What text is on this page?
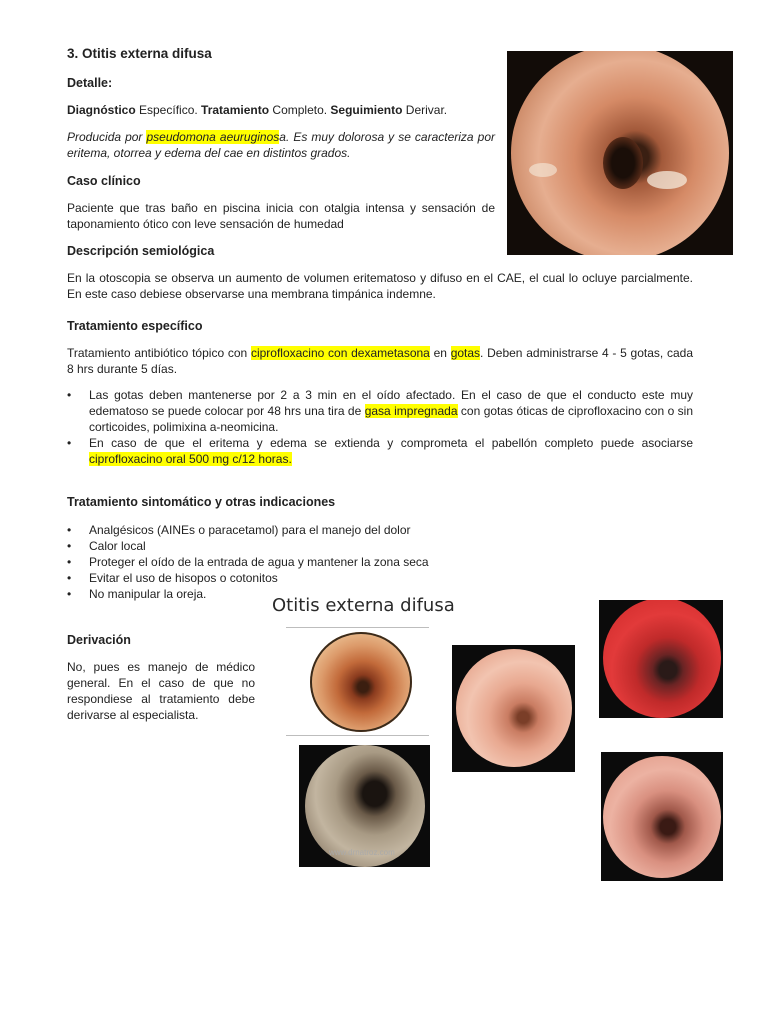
3. Otitis externa difusa
Detalle:
Diagnóstico Específico. Tratamiento Completo. Seguimiento Derivar.
Producida por pseudomona aeuruginosa. Es muy dolorosa y se caracteriza por eritema, otorrea y edema del cae en distintos grados.
Caso clínico
Paciente que tras baño en piscina inicia con otalgia intensa y sensación de taponamiento ótico con leve sensación de humedad
Descripción semiológica
En la otoscopia se observa un aumento de volumen eritematoso y difuso en el CAE, el cual lo ocluye parcialmente. En este caso debiese observarse una membrana timpánica indemne.
Tratamiento específico
Tratamiento antibiótico tópico con ciprofloxacino con dexametasona en gotas. Deben administrarse 4 - 5 gotas, cada 8 hrs durante 5 días.
• Las gotas deben mantenerse por 2 a 3 min en el oído afectado. En el caso de que el conducto este muy edematoso se puede colocar por 48 hrs una tira de gasa impregnada con gotas óticas de ciprofloxacino con o sin corticoides, polimixina a-neomicina.
• En caso de que el eritema y edema se extienda y comprometa el pabellón completo puede asociarse ciprofloxacino oral 500 mg c/12 horas.
Tratamiento sintomático y otras indicaciones
• Analgésicos (AINEs o paracetamol) para el manejo del dolor
• Calor local
• Proteger el oído de la entrada de agua y mantener la zona seca
• Evitar el uso de hisopos o cotonitos
• No manipular la oreja.
Derivación
No, pues es manejo de médico general. En el caso de que no respondiese al tratamiento debe derivarse al especialista.
Otitis externa difusa
www.drnatroz.com
